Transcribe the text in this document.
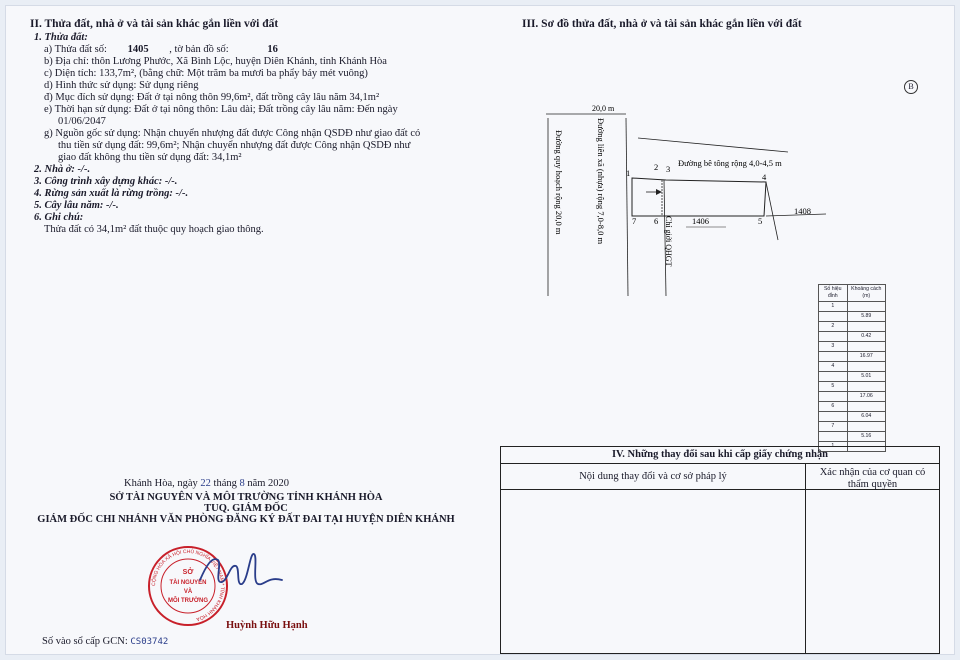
II. Thửa đất, nhà ở và tài sản khác gắn liền với đất
1. Thửa đất:
a) Thửa đất số: 1405 , tờ bản đồ số:	16
b) Địa chỉ: thôn Lương Phước, Xã Bình Lộc, huyện Diên Khánh, tỉnh Khánh Hòa
c) Diện tích: 133,7m², (bằng chữ: Một trăm ba mươi ba phẩy bảy mét vuông)
d) Hình thức sử dụng: Sử dụng riêng
đ) Mục đích sử dụng: Đất ở tại nông thôn 99,6m², đất trồng cây lâu năm 34,1m²
e) Thời hạn sử dụng: Đất ở tại nông thôn: Lâu dài; Đất trồng cây lâu năm: Đến ngày
01/06/2047
g) Nguồn gốc sử dụng: Nhận chuyển nhượng đất được Công nhận QSDĐ như giao đất có
thu tiền sử dụng đất: 99,6m²; Nhận chuyển nhượng đất được Công nhận QSDĐ như
giao đất không thu tiền sử dụng đất: 34,1m²
2. Nhà ở: -/-.
3. Công trình xây dựng khác: -/-.
4. Rừng sản xuất là rừng trồng: -/-.
5. Cây lâu năm: -/-.
6. Ghi chú:
Thửa đất có 34,1m² đất thuộc quy hoạch giao thông.
III. Sơ đồ thửa đất, nhà ở và tài sản khác gắn liền với đất
B
20,0 m
Đường quy hoạch rộng 20,0 m	Đường liên xã (nhựa) rộng 7,0-8,0 m	Đường bê tông rộng 4,0-4,5 m
Chỉ giới QHGT 1406
1408
1
2 3
4
5
6
7
Số hiệu đỉnh	Khoảng cách (m)
1	
	5.89
2	
	0.42
3	
	16.97
4	
	5.01
5	
	17.06
6	
	6.04
7	
	5.16
1	
IV. Những thay đổi sau khi cấp giấy chứng nhận
Nội dung thay đổi và cơ sở pháp lý	Xác nhận của cơ quan có thẩm quyền
Khánh Hòa, ngày 22 tháng 8 năm 2020
SỞ TÀI NGUYÊN VÀ MÔI TRƯỜNG TỈNH KHÁNH HÒA
TUQ. GIÁM ĐỐC
GIÁM ĐỐC CHI NHÁNH VĂN PHÒNG ĐĂNG KÝ ĐẤT ĐAI TẠI HUYỆN DIÊN KHÁNH
CỘNG HÒA XÃ HỘI CHỦ NGHĨA VIỆT NAM * TỈNH KHÁNH HÒA
SỞ
TÀI NGUYÊN
VÀ
MÔI TRƯỜNG
Huỳnh Hữu Hạnh
Số vào sổ cấp GCN: CS03742
